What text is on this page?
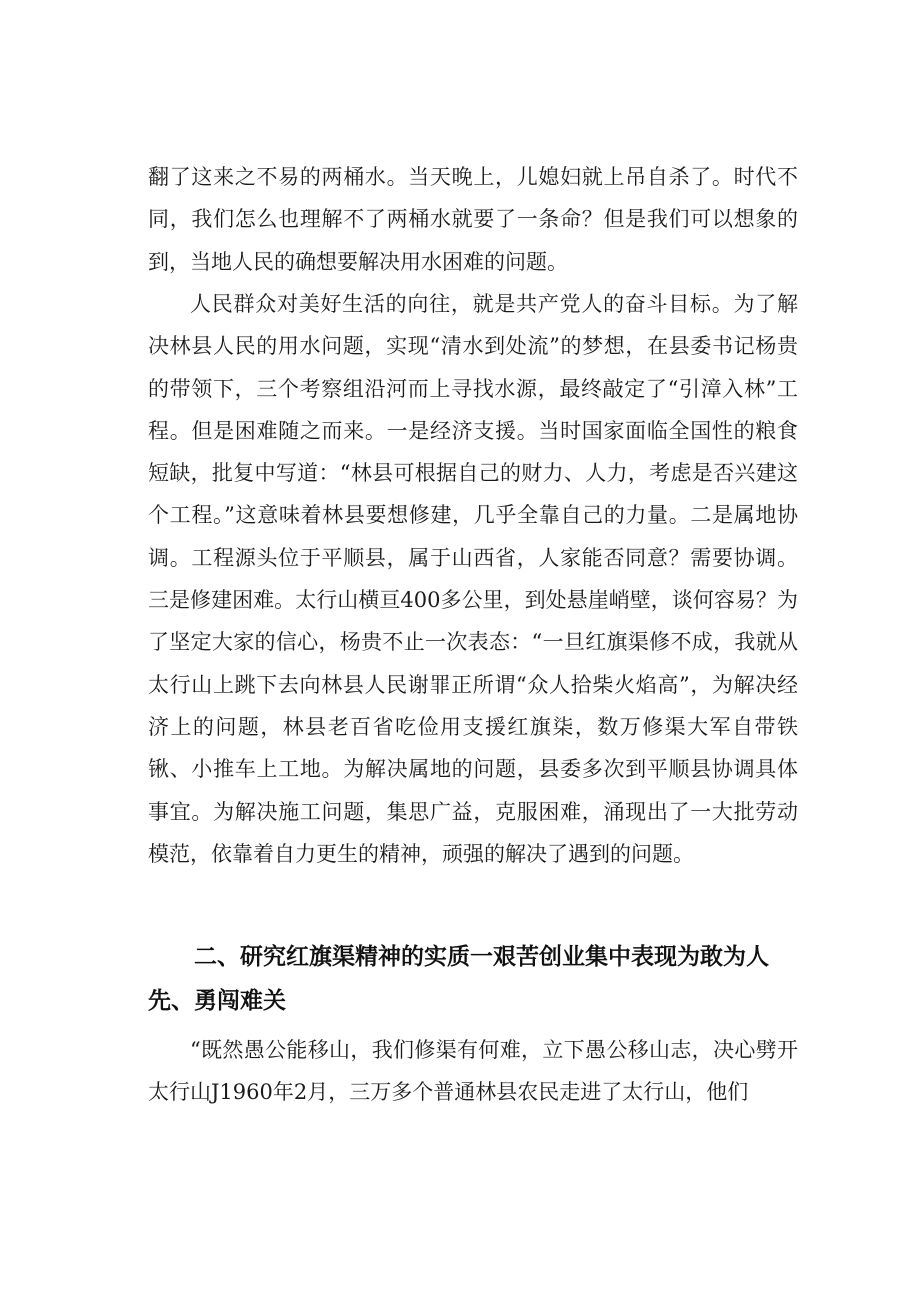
翻了这来之不易的两桶水。当天晚上，儿媳妇就上吊自杀了。时代不同，我们怎么也理解不了两桶水就要了一条命？但是我们可以想象的到，当地人民的确想要解决用水困难的问题。

人民群众对美好生活的向往，就是共产党人的奋斗目标。为了解决林县人民的用水问题，实现“清水到处流”的梦想，在县委书记杨贵的带领下，三个考察组沿河而上寻找水源，最终敲定了“引漳入林”工程。但是困难随之而来。一是经济支援。当时国家面临全国性的粮食短缺，批复中写道：“林县可根据自己的财力、人力，考虑是否兴建这个工程。”这意味着林县要想修建，几乎全靠自己的力量。二是属地协调。工程源头位于平顺县，属于山西省，人家能否同意？需要协调。三是修建困难。太行山横亘400多公里，到处悬崖峭壁，谈何容易？为了坚定大家的信心，杨贵不止一次表态：“一旦红旗渠修不成，我就从太行山上跳下去向林县人民谢罪正所谓“众人拾柴火焰高”，为解决经济上的问题，林县老百省吃俭用支援红旗柒，数万修渠大军自带铁锹、小推车上工地。为解决属地的问题，县委多次到平顺县协调具体事宜。为解决施工问题，集思广益，克服困难，涌现出了一大批劳动模范，依靠着自力更生的精神，顽强的解决了遇到的问题。

二、研究红旗渠精神的实质一艰苦创业集中表现为敢为人先、勇闯难关

“既然愚公能移山，我们修渠有何难，立下愚公移山志，决心劈开太行山J1960年2月，三万多个普通林县农民走进了太行山，他们
